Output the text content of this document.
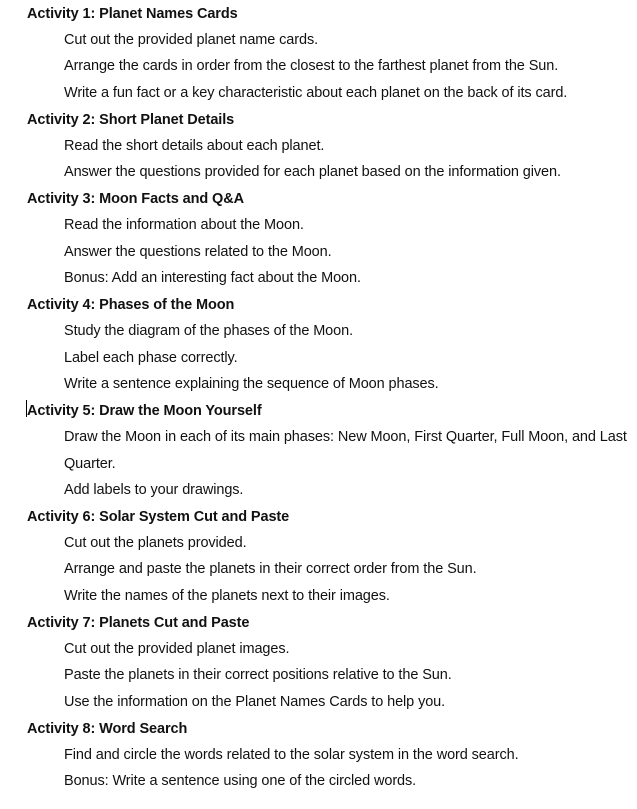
Activity 1: Planet Names Cards
Cut out the provided planet name cards.
Arrange the cards in order from the closest to the farthest planet from the Sun.
Write a fun fact or a key characteristic about each planet on the back of its card.
Activity 2: Short Planet Details
Read the short details about each planet.
Answer the questions provided for each planet based on the information given.
Activity 3: Moon Facts and Q&A
Read the information about the Moon.
Answer the questions related to the Moon.
Bonus: Add an interesting fact about the Moon.
Activity 4: Phases of the Moon
Study the diagram of the phases of the Moon.
Label each phase correctly.
Write a sentence explaining the sequence of Moon phases.
Activity 5: Draw the Moon Yourself
Draw the Moon in each of its main phases: New Moon, First Quarter, Full Moon, and Last Quarter.
Add labels to your drawings.
Activity 6: Solar System Cut and Paste
Cut out the planets provided.
Arrange and paste the planets in their correct order from the Sun.
Write the names of the planets next to their images.
Activity 7: Planets Cut and Paste
Cut out the provided planet images.
Paste the planets in their correct positions relative to the Sun.
Use the information on the Planet Names Cards to help you.
Activity 8: Word Search
Find and circle the words related to the solar system in the word search.
Bonus: Write a sentence using one of the circled words.
